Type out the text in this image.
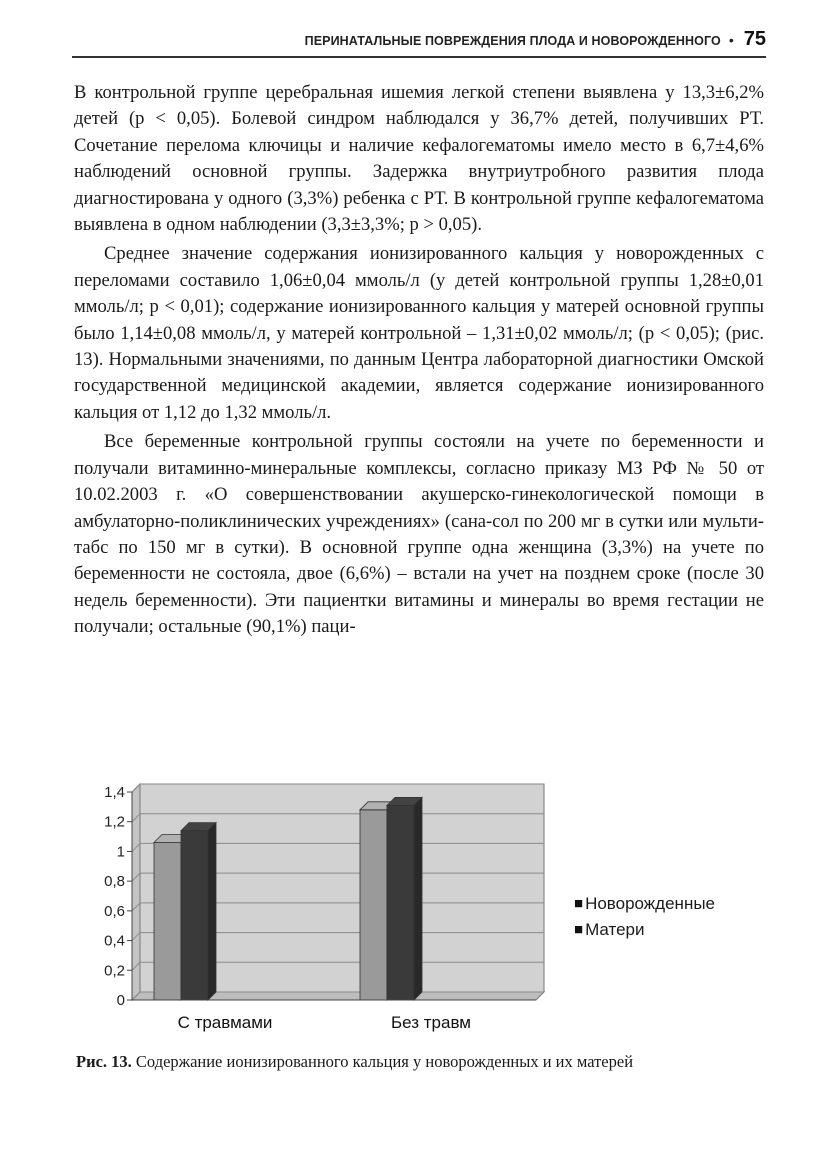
ПЕРИНАТАЛЬНЫЕ ПОВРЕЖДЕНИЯ ПЛОДА И НОВОРОЖДЕННОГО • 75

В контрольной группе церебральная ишемия легкой степени выявлена у 13,3±6,2% детей (p < 0,05). Болевой синдром наблюдался у 36,7% детей, получивших РТ. Сочетание перелома ключицы и наличие кефалогематомы имело место в 6,7±4,6% наблюдений основной группы. Задержка внутриутробного развития плода диагностирована у одного (3,3%) ребенка с РТ. В контрольной группе кефалогематома выявлена в одном наблюдении (3,3±3,3%; p > 0,05).

Среднее значение содержания ионизированного кальция у новорожденных с переломами составило 1,06±0,04 ммоль/л (у детей контрольной группы 1,28±0,01 ммоль/л; p < 0,01); содержание ионизированного кальция у матерей основной группы было 1,14±0,08 ммоль/л, у матерей контрольной – 1,31±0,02 ммоль/л; (p < 0,05); (рис. 13). Нормальными значениями, по данным Центра лабораторной диагностики Омской государственной медицинской академии, является содержание ионизированного кальция от 1,12 до 1,32 ммоль/л.

Все беременные контрольной группы состояли на учете по беременности и получали витаминно-минеральные комплексы, согласно приказу МЗ РФ № 50 от 10.02.2003 г. «О совершенствовании акушерско-гинекологической помощи в амбулаторно-поликлинических учреждениях» (сана-сол по 200 мг в сутки или мульти-табс по 150 мг в сутки). В основной группе одна женщина (3,3%) на учете по беременности не состояла, двое (6,6%) – встали на учет на позднем сроке (после 30 недель беременности). Эти пациентки витамины и минералы во время гестации не получали; остальные (90,1%) паци-

0
0,2
0,4
0,6
0,8
1
1,2
1,4
С травмами	Без травм
■ Новорожденные
■ Матери
Рис. 13. Содержание ионизированного кальция у новорожденных и их матерей
